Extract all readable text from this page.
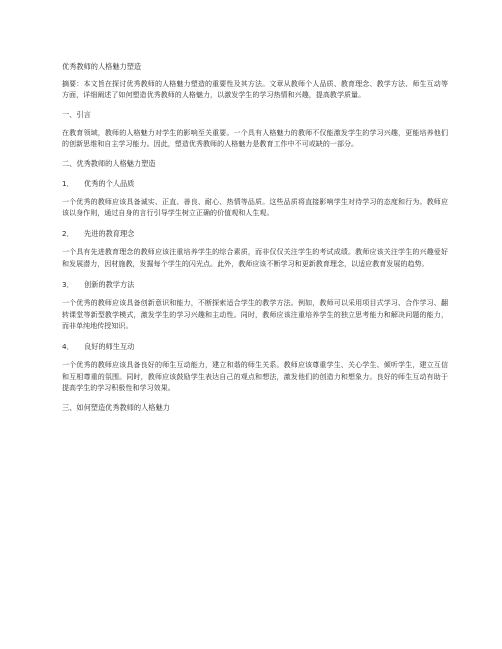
优秀教师的人格魅力塑造

摘要：本文旨在探讨优秀教师的人格魅力塑造的重要性及其方法。文章从教师个人品质、教育理念、教学方法、师生互动等方面，详细阐述了如何塑造优秀教师的人格魅力，以激发学生的学习热情和兴趣，提高教学质量。

一、引言

在教育领域，教师的人格魅力对学生的影响至关重要。一个具有人格魅力的教师不仅能激发学生的学习兴趣，更能培养他们的创新思维和自主学习能力。因此，塑造优秀教师的人格魅力是教育工作中不可或缺的一部分。

二、优秀教师的人格魅力塑造
1． 优秀的个人品质

一个优秀的教师应该具备诚实、正直、善良、耐心、热情等品质。这些品质将直接影响学生对待学习的态度和行为。教师应该以身作则，通过自身的言行引导学生树立正确的价值观和人生观。

2． 先进的教育理念

一个具有先进教育理念的教师应该注重培养学生的综合素质，而非仅仅关注学生的考试成绩。教师应该关注学生的兴趣爱好和发展潜力，因材施教，发掘每个学生的闪光点。此外，教师应该不断学习和更新教育理念，以适应教育发展的趋势。

3． 创新的教学方法

一个优秀的教师应该具备创新意识和能力，不断探索适合学生的教学方法。例如，教师可以采用项目式学习、合作学习、翻转课堂等新型教学模式，激发学生的学习兴趣和主动性。同时，教师应该注重培养学生的独立思考能力和解决问题的能力，而非单纯地传授知识。

4． 良好的师生互动

一个优秀的教师应该具备良好的师生互动能力，建立和谐的师生关系。教师应该尊重学生、关心学生、倾听学生，建立互信和互相尊重的氛围。同时，教师应该鼓励学生表达自己的观点和想法，激发他们的创造力和想象力。良好的师生互动有助于提高学生的学习积极性和学习效果。

三、如何塑造优秀教师的人格魅力
